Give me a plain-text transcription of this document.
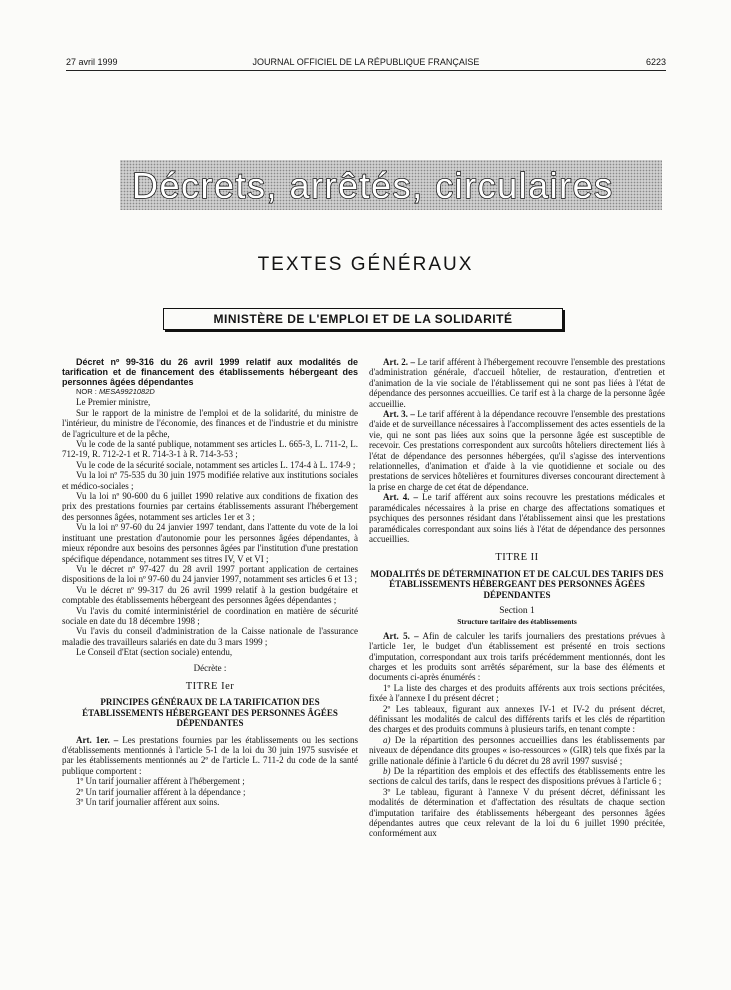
27 avril 1999	JOURNAL OFFICIEL DE LA RÉPUBLIQUE FRANÇAISE	6223
Décrets, arrêtés, circulaires
TEXTES GÉNÉRAUX
MINISTÈRE DE L'EMPLOI ET DE LA SOLIDARITÉ

Décret nº 99-316 du 26 avril 1999 relatif aux modalités de tarification et de financement des établissements hébergeant des personnes âgées dépendantes

NOR : MESA9921082D

Le Premier ministre,

Sur le rapport de la ministre de l'emploi et de la solidarité, du ministre de l'intérieur, du ministre de l'économie, des finances et de l'industrie et du ministre de l'agriculture et de la pêche,

Vu le code de la santé publique, notamment ses articles L. 665-3, L. 711-2, L. 712-19, R. 712-2-1 et R. 714-3-1 à R. 714-3-53 ;

Vu le code de la sécurité sociale, notamment ses articles L. 174-4 à L. 174-9 ;

Vu la loi nº 75-535 du 30 juin 1975 modifiée relative aux institutions sociales et médico-sociales ;

Vu la loi nº 90-600 du 6 juillet 1990 relative aux conditions de fixation des prix des prestations fournies par certains établissements assurant l'hébergement des personnes âgées, notamment ses articles 1er et 3 ;

Vu la loi nº 97-60 du 24 janvier 1997 tendant, dans l'attente du vote de la loi instituant une prestation d'autonomie pour les personnes âgées dépendantes, à mieux répondre aux besoins des personnes âgées par l'institution d'une prestation spécifique dépendance, notamment ses titres IV, V et VI ;

Vu le décret nº 97-427 du 28 avril 1997 portant application de certaines dispositions de la loi nº 97-60 du 24 janvier 1997, notamment ses articles 6 et 13 ;

Vu le décret nº 99-317 du 26 avril 1999 relatif à la gestion budgétaire et comptable des établissements hébergeant des personnes âgées dépendantes ;

Vu l'avis du comité interministériel de coordination en matière de sécurité sociale en date du 18 décembre 1998 ;

Vu l'avis du conseil d'administration de la Caisse nationale de l'assurance maladie des travailleurs salariés en date du 3 mars 1999 ;

Le Conseil d'Etat (section sociale) entendu,

Décrète :

TITRE Ier
PRINCIPES GÉNÉRAUX DE LA TARIFICATION DES ÉTABLISSEMENTS HÉBERGEANT DES PERSONNES ÂGÉES DÉPENDANTES

Art. 1er. – Les prestations fournies par les établissements ou les sections d'établissements mentionnés à l'article 5-1 de la loi du 30 juin 1975 susvisée et par les établissements mentionnés au 2º de l'article L. 711-2 du code de la santé publique comportent :

1º Un tarif journalier afférent à l'hébergement ;

2º Un tarif journalier afférent à la dépendance ;

3º Un tarif journalier afférent aux soins.

Art. 2. – Le tarif afférent à l'hébergement recouvre l'ensemble des prestations d'administration générale, d'accueil hôtelier, de restauration, d'entretien et d'animation de la vie sociale de l'établissement qui ne sont pas liées à l'état de dépendance des personnes accueillies. Ce tarif est à la charge de la personne âgée accueillie.

Art. 3. – Le tarif afférent à la dépendance recouvre l'ensemble des prestations d'aide et de surveillance nécessaires à l'accomplissement des actes essentiels de la vie, qui ne sont pas liées aux soins que la personne âgée est susceptible de recevoir. Ces prestations correspondent aux surcoûts hôteliers directement liés à l'état de dépendance des personnes hébergées, qu'il s'agisse des interventions relationnelles, d'animation et d'aide à la vie quotidienne et sociale ou des prestations de services hôtelières et fournitures diverses concourant directement à la prise en charge de cet état de dépendance.

Art. 4. – Le tarif afférent aux soins recouvre les prestations médicales et paramédicales nécessaires à la prise en charge des affectations somatiques et psychiques des personnes résidant dans l'établissement ainsi que les prestations paramédicales correspondant aux soins liés à l'état de dépendance des personnes accueillies.

TITRE II
MODALITÉS DE DÉTERMINATION ET DE CALCUL DES TARIFS DES ÉTABLISSEMENTS HÉBERGEANT DES PERSONNES ÂGÉES DÉPENDANTES
Section 1
Structure tarifaire des établissements

Art. 5. – Afin de calculer les tarifs journaliers des prestations prévues à l'article 1er, le budget d'un établissement est présenté en trois sections d'imputation, correspondant aux trois tarifs précédemment mentionnés, dont les charges et les produits sont arrêtés séparément, sur la base des éléments et documents ci-après énumérés :

1º La liste des charges et des produits afférents aux trois sections précitées, fixée à l'annexe I du présent décret ;

2º Les tableaux, figurant aux annexes IV-1 et IV-2 du présent décret, définissant les modalités de calcul des différents tarifs et les clés de répartition des charges et des produits communs à plusieurs tarifs, en tenant compte :

a) De la répartition des personnes accueillies dans les établissements par niveaux de dépendance dits groupes « iso-ressources » (GIR) tels que fixés par la grille nationale définie à l'article 6 du décret du 28 avril 1997 susvisé ;

b) De la répartition des emplois et des effectifs des établissements entre les sections de calcul des tarifs, dans le respect des dispositions prévues à l'article 6 ;

3º Le tableau, figurant à l'annexe V du présent décret, définissant les modalités de détermination et d'affectation des résultats de chaque section d'imputation tarifaire des établissements hébergeant des personnes âgées dépendantes autres que ceux relevant de la loi du 6 juillet 1990 précitée, conformément aux
